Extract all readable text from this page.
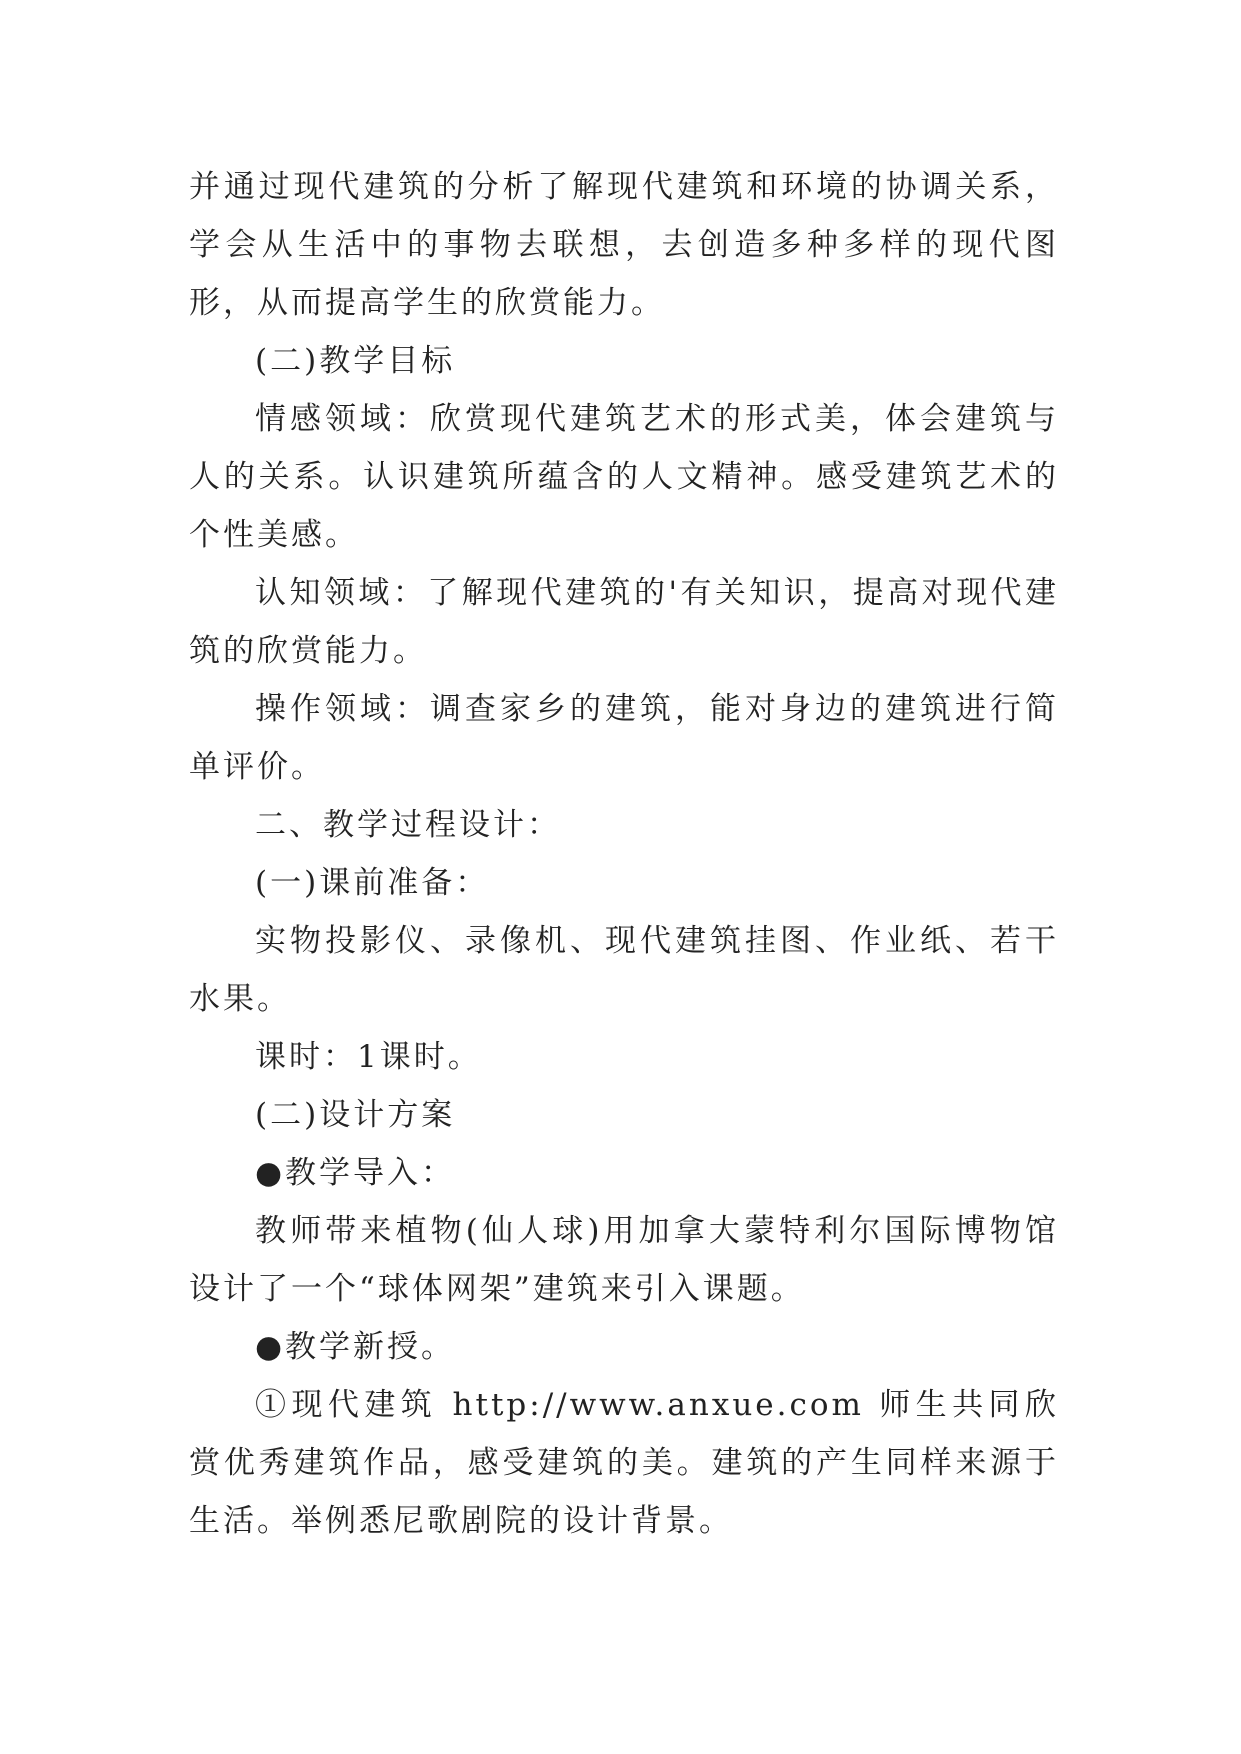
并通过现代建筑的分析了解现代建筑和环境的协调关系，学会从生活中的事物去联想，去创造多种多样的现代图形，从而提高学生的欣赏能力。

(二)教学目标

情感领域：欣赏现代建筑艺术的形式美，体会建筑与人的关系。认识建筑所蕴含的人文精神。感受建筑艺术的个性美感。

认知领域：了解现代建筑的'有关知识，提高对现代建筑的欣赏能力。

操作领域：调查家乡的建筑，能对身边的建筑进行简单评价。

二、教学过程设计：

(一)课前准备：

实物投影仪、录像机、现代建筑挂图、作业纸、若干水果。

课时：1课时。

(二)设计方案

●教学导入：

教师带来植物(仙人球)用加拿大蒙特利尔国际博物馆设计了一个“球体网架”建筑来引入课题。

●教学新授。

①现代建筑 http://www.anxue.com 师生共同欣赏优秀建筑作品，感受建筑的美。建筑的产生同样来源于生活。举例悉尼歌剧院的设计背景。
